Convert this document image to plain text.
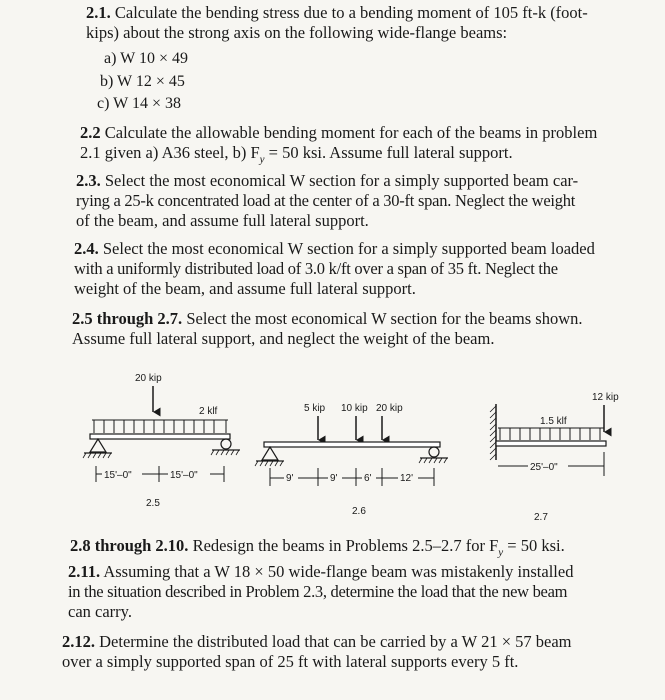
2.1. Calculate the bending stress due to a bending moment of 105 ft-k (foot-
kips) about the strong axis on the following wide-flange beams:
a) W 10 × 49
b) W 12 × 45
c) W 14 × 38
2.2 Calculate the allowable bending moment for each of the beams in problem
2.1 given a) A36 steel, b) $F_y = 50$ ksi. Assume full lateral support.
2.3. Select the most economical W section for a simply supported beam car-
rying a 25-k concentrated load at the center of a 30-ft span. Neglect the weight
of the beam, and assume full lateral support.
2.4. Select the most economical W section for a simply supported beam loaded
with a uniformly distributed load of 3.0 k/ft over a span of 35 ft. Neglect the
weight of the beam, and assume full lateral support.
2.5 through 2.7. Select the most economical W section for the beams shown.
Assume full lateral support, and neglect the weight of the beam.
20 kip
2 klf
15'–0"	15'–0"
2.5
5 kip 10 kip 20 kip
9'	9'	6'	12'
2.6
12 kip
1.5 klf
25'–0"
2.7
2.8 through 2.10. Redesign the beams in Problems 2.5–2.7 for $F_y = 50$ ksi.
2.11. Assuming that a W 18 × 50 wide-flange beam was mistakenly installed
in the situation described in Problem 2.3, determine the load that the new beam
can carry.
2.12. Determine the distributed load that can be carried by a W 21 × 57 beam
over a simply supported span of 25 ft with lateral supports every 5 ft.
